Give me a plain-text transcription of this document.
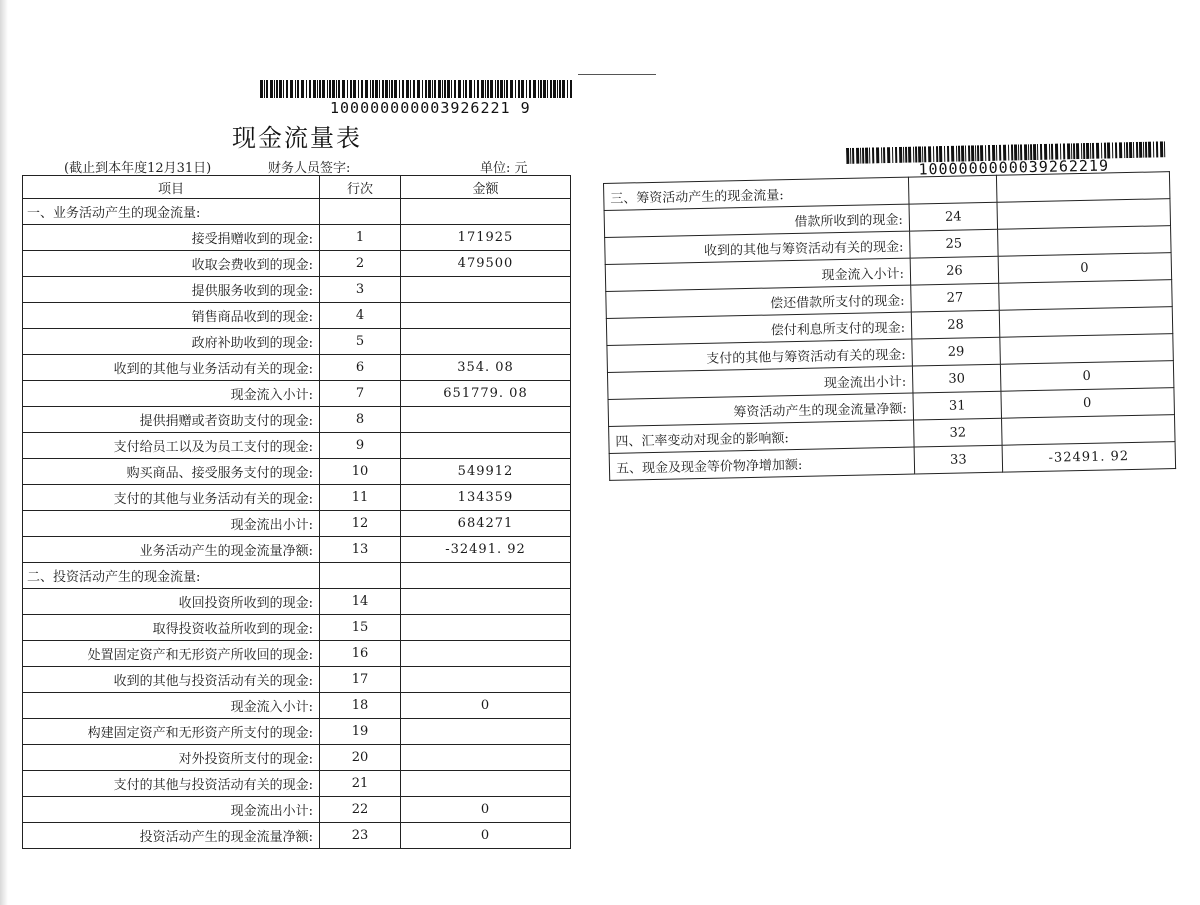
100000000003926221 9
1000000000039262219
现金流量表
(截止到本年度12月31日)	财务人员签字:	单位: 元
项目	行次	金额
一、业务活动产生的现金流量:		
接受捐赠收到的现金:	1	171925
收取会费收到的现金:	2	479500
提供服务收到的现金:	3	
销售商品收到的现金:	4	
政府补助收到的现金:	5	
收到的其他与业务活动有关的现金:	6	354. 08
现金流入小计:	7	651779. 08
提供捐赠或者资助支付的现金:	8	
支付给员工以及为员工支付的现金:	9	
购买商品、接受服务支付的现金:	10	549912
支付的其他与业务活动有关的现金:	11	134359
现金流出小计:	12	684271
业务活动产生的现金流量净额:	13	-32491. 92
二、投资活动产生的现金流量:		
收回投资所收到的现金:	14	
取得投资收益所收到的现金:	15	
处置固定资产和无形资产所收回的现金:	16	
收到的其他与投资活动有关的现金:	17	
现金流入小计:	18	0
构建固定资产和无形资产所支付的现金:	19	
对外投资所支付的现金:	20	
支付的其他与投资活动有关的现金:	21	
现金流出小计:	22	0
投资活动产生的现金流量净额:	23	0
三、筹资活动产生的现金流量:		
借款所收到的现金:	24	
收到的其他与筹资活动有关的现金:	25	
现金流入小计:	26	0
偿还借款所支付的现金:	27	
偿付利息所支付的现金:	28	
支付的其他与筹资活动有关的现金:	29	
现金流出小计:	30	0
筹资活动产生的现金流量净额:	31	0
四、汇率变动对现金的影响额:	32	
五、现金及现金等价物净增加额:	33	-32491. 92
